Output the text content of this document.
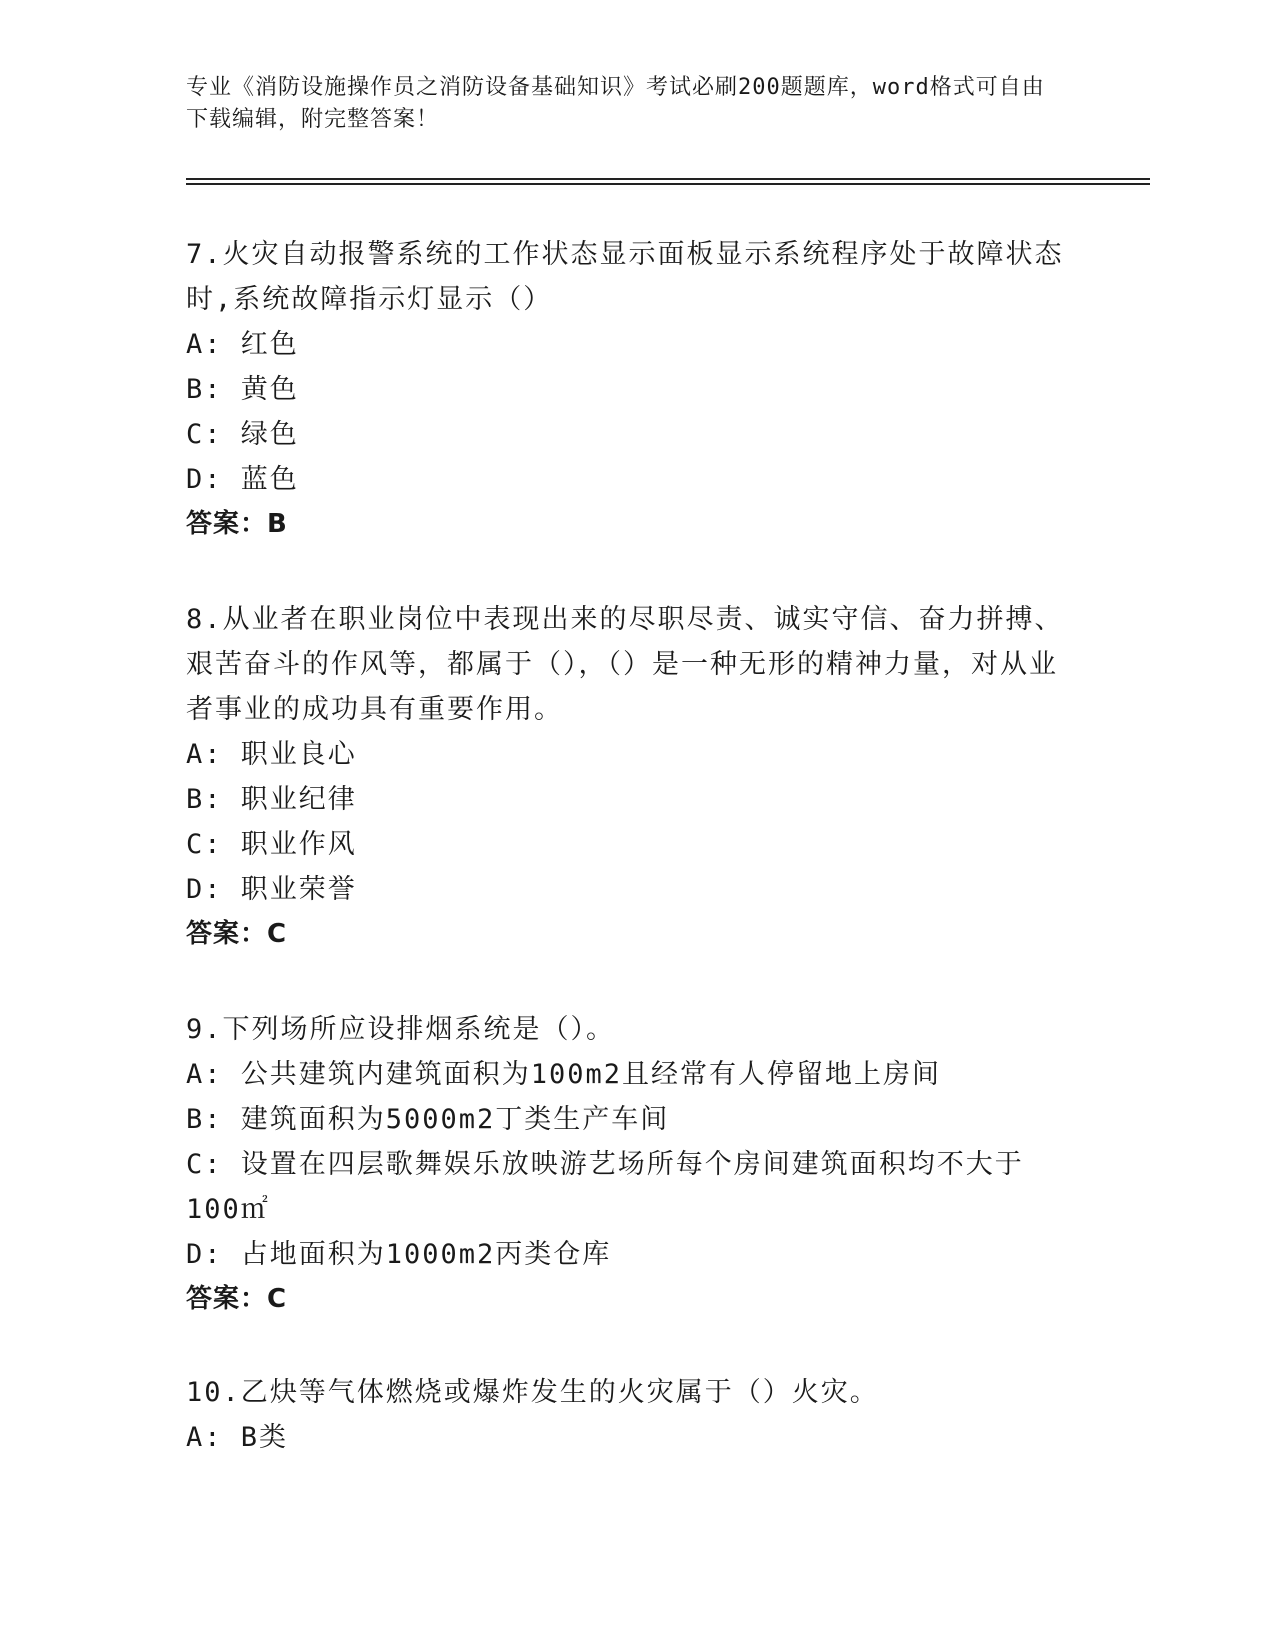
专业《消防设施操作员之消防设备基础知识》考试必刷200题题库，word格式可自由下载编辑，附完整答案！

7.火灾自动报警系统的工作状态显示面板显示系统程序处于故障状态时,系统故障指示灯显示（）

A: 红色

B: 黄色

C: 绿色

D: 蓝色

答案：B

8.从业者在职业岗位中表现出来的尽职尽责、诚实守信、奋力拼搏、艰苦奋斗的作风等，都属于（），（）是一种无形的精神力量，对从业者事业的成功具有重要作用。

A: 职业良心

B: 职业纪律

C: 职业作风

D: 职业荣誉

答案：C

9.下列场所应设排烟系统是（）。

A: 公共建筑内建筑面积为100m2且经常有人停留地上房间

B: 建筑面积为5000m2丁类生产车间

C: 设置在四层歌舞娱乐放映游艺场所每个房间建筑面积均不大于100㎡

D: 占地面积为1000m2丙类仓库

答案：C

10.乙炔等气体燃烧或爆炸发生的火灾属于（）火灾。

A: B类
